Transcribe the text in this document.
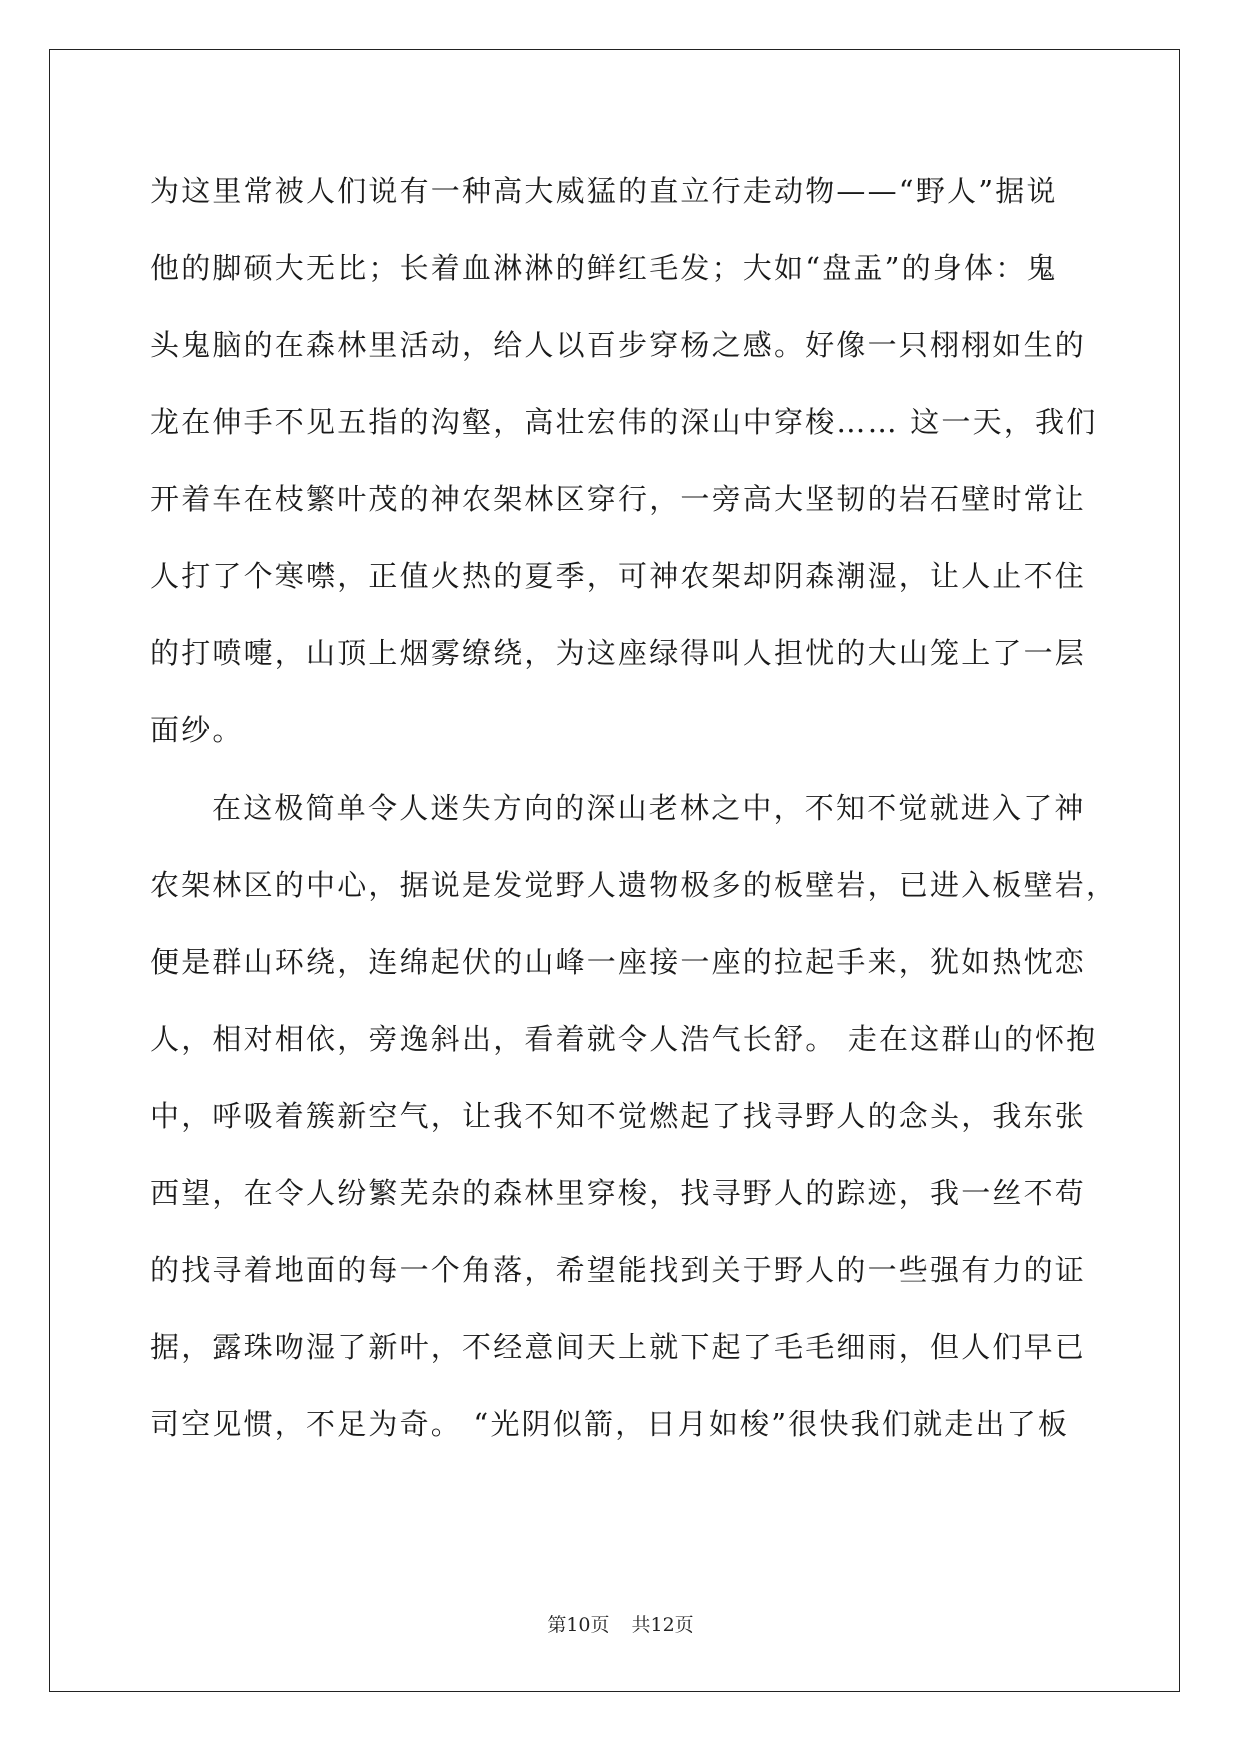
为这里常被人们说有一种高大威猛的直立行走动物——“野人”据说
他的脚硕大无比；长着血淋淋的鲜红毛发；大如“盘盂”的身体：鬼
头鬼脑的在森林里活动，给人以百步穿杨之感。好像一只栩栩如生的
龙在伸手不见五指的沟壑，高壮宏伟的深山中穿梭…… 这一天，我们
开着车在枝繁叶茂的神农架林区穿行，一旁高大坚韧的岩石壁时常让
人打了个寒噤，正值火热的夏季，可神农架却阴森潮湿，让人止不住
的打喷嚏，山顶上烟雾缭绕，为这座绿得叫人担忧的大山笼上了一层
面纱。
在这极简单令人迷失方向的深山老林之中，不知不觉就进入了神
农架林区的中心，据说是发觉野人遗物极多的板壁岩，已进入板壁岩，
便是群山环绕，连绵起伏的山峰一座接一座的拉起手来，犹如热忱恋
人，相对相依，旁逸斜出，看着就令人浩气长舒。 走在这群山的怀抱
中，呼吸着簇新空气，让我不知不觉燃起了找寻野人的念头，我东张
西望，在令人纷繁芜杂的森林里穿梭，找寻野人的踪迹，我一丝不苟
的找寻着地面的每一个角落，希望能找到关于野人的一些强有力的证
据，露珠吻湿了新叶，不经意间天上就下起了毛毛细雨，但人们早已
司空见惯，不足为奇。 “光阴似箭，日月如梭”很快我们就走出了板
第10页 共12页
